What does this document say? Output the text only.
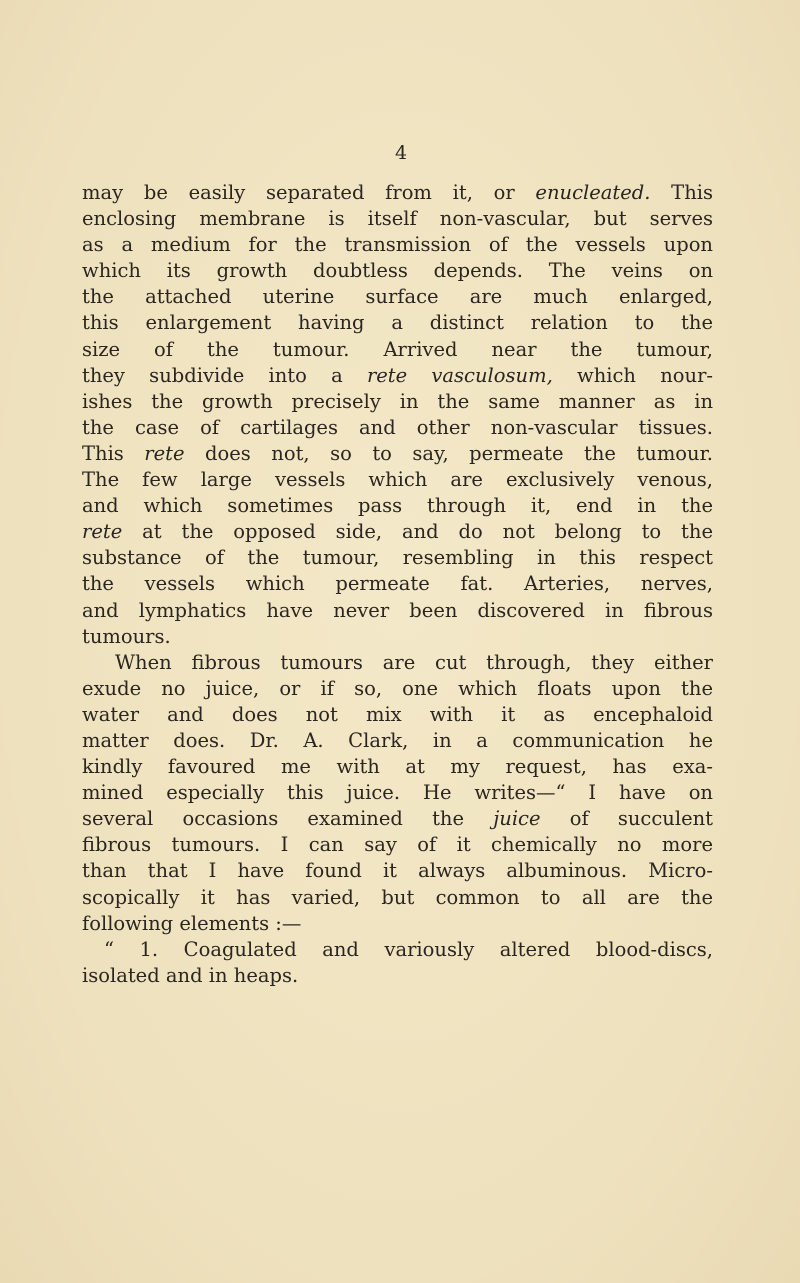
4
may be easily separated from it, or enucleated. This
enclosing membrane is itself non-vascular, but serves
as a medium for the transmission of the vessels upon
which its growth doubtless depends. The veins on
the attached uterine surface are much enlarged,
this enlargement having a distinct relation to the
size of the tumour. Arrived near the tumour,
they subdivide into a rete vasculosum, which nour-
ishes the growth precisely in the same manner as in
the case of cartilages and other non-vascular tissues.
This rete does not, so to say, permeate the tumour.
The few large vessels which are exclusively venous,
and which sometimes pass through it, end in the
rete at the opposed side, and do not belong to the
substance of the tumour, resembling in this respect
the vessels which permeate fat. Arteries, nerves,
and lymphatics have never been discovered in fibrous
tumours.
When fibrous tumours are cut through, they either
exude no juice, or if so, one which floats upon the
water and does not mix with it as encephaloid
matter does. Dr. A. Clark, in a communication he
kindly favoured me with at my request, has exa-
mined especially this juice. He writes—“ I have on
several occasions examined the juice of succulent
fibrous tumours. I can say of it chemically no more
than that I have found it always albuminous. Micro-
scopically it has varied, but common to all are the
following elements :—
“ 1. Coagulated and variously altered blood-discs,
isolated and in heaps.
